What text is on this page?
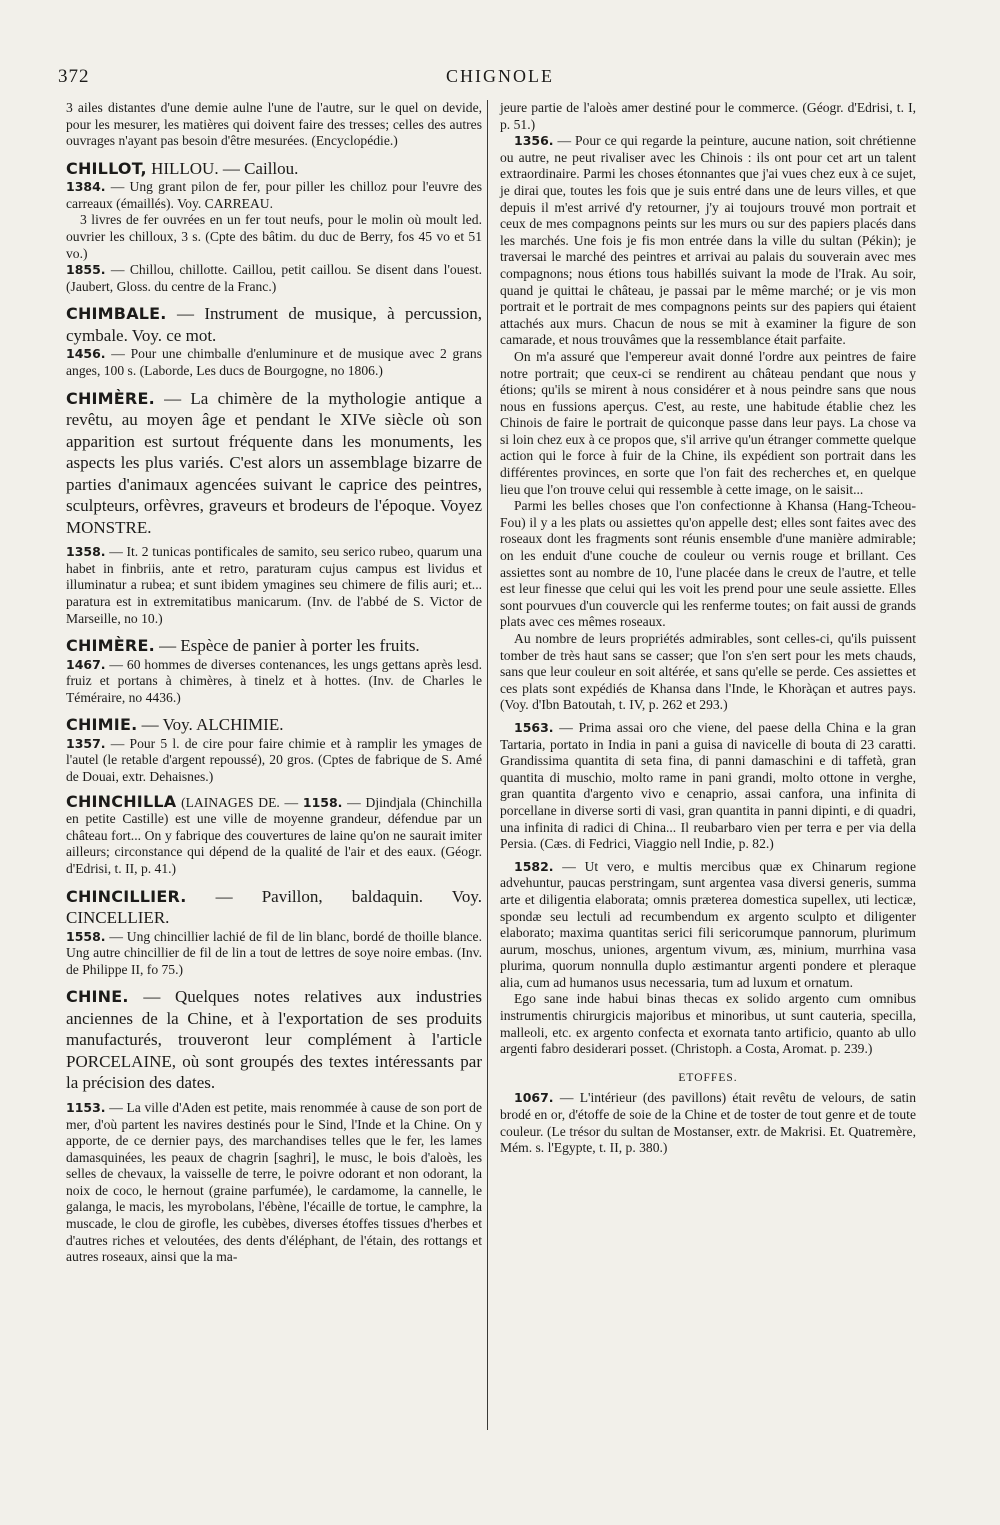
372	CHIGNOLE

3 ailes distantes d'une demie aulne l'une de l'autre, sur le quel on devide, pour les mesurer, les matières qui doivent faire des tresses; celles des autres ouvrages n'ayant pas besoin d'être mesurées. (Encyclopédie.)

CHILLOT, HILLOU. — Caillou.

1384. — Ung grant pilon de fer, pour piller les chilloz pour l'euvre des carreaux (émaillés). Voy. CARREAU.

3 livres de fer ouvrées en un fer tout neufs, pour le molin où moult led. ouvrier les chilloux, 3 s. (Cpte des bâtim. du duc de Berry, fos 45 vo et 51 vo.)

1855. — Chillou, chillotte. Caillou, petit caillou. Se disent dans l'ouest. (Jaubert, Gloss. du centre de la Franc.)

CHIMBALE. — Instrument de musique, à percussion, cymbale. Voy. ce mot.

1456. — Pour une chimballe d'enluminure et de musique avec 2 grans anges, 100 s. (Laborde, Les ducs de Bourgogne, no 1806.)

CHIMÈRE. — La chimère de la mythologie antique a revêtu, au moyen âge et pendant le XIVe siècle où son apparition est surtout fréquente dans les monuments, les aspects les plus variés. C'est alors un assemblage bizarre de parties d'animaux agencées suivant le caprice des peintres, sculpteurs, orfèvres, graveurs et brodeurs de l'époque. Voyez MONSTRE.

1358. — It. 2 tunicas pontificales de samito, seu serico rubeo, quarum una habet in finbriis, ante et retro, paraturam cujus campus est lividus et illuminatur a rubea; et sunt ibidem ymagines seu chimere de filis auri; et... paratura est in extremitatibus manicarum. (Inv. de l'abbé de S. Victor de Marseille, no 10.)

CHIMÈRE. — Espèce de panier à porter les fruits.

1467. — 60 hommes de diverses contenances, les ungs gettans après lesd. fruiz et portans à chimères, à tinelz et à hottes. (Inv. de Charles le Téméraire, no 4436.)

CHIMIE. — Voy. ALCHIMIE.

1357. — Pour 5 l. de cire pour faire chimie et à ramplir les ymages de l'autel (le retable d'argent repoussé), 20 gros. (Cptes de fabrique de S. Amé de Douai, extr. Dehaisnes.)

CHINCHILLA (LAINAGES DE. — 1158. — Djindjala (Chinchilla en petite Castille) est une ville de moyenne grandeur, défendue par un château fort... On y fabrique des couvertures de laine qu'on ne saurait imiter ailleurs; circonstance qui dépend de la qualité de l'air et des eaux. (Géogr. d'Edrisi, t. II, p. 41.)

CHINCILLIER. — Pavillon, baldaquin. Voy. CINCELLIER.

1558. — Ung chincillier lachié de fil de lin blanc, bordé de thoille blance. Ung autre chincillier de fil de lin a tout de lettres de soye noire embas. (Inv. de Philippe II, fo 75.)

CHINE. — Quelques notes relatives aux industries anciennes de la Chine, et à l'exportation de ses produits manufacturés, trouveront leur complément à l'article PORCELAINE, où sont groupés des textes intéressants par la précision des dates.

1153. — La ville d'Aden est petite, mais renommée à cause de son port de mer, d'où partent les navires destinés pour le Sind, l'Inde et la Chine. On y apporte, de ce dernier pays, des marchandises telles que le fer, les lames damasquinées, les peaux de chagrin [saghri], le musc, le bois d'aloès, les selles de chevaux, la vaisselle de terre, le poivre odorant et non odorant, la noix de coco, le hernout (graine parfumée), le cardamome, la cannelle, le galanga, le macis, les myrobolans, l'ébène, l'écaille de tortue, le camphre, la muscade, le clou de girofle, les cubèbes, diverses étoffes tissues d'herbes et d'autres riches et veloutées, des dents d'éléphant, de l'étain, des rottangs et autres roseaux, ainsi que la ma-

jeure partie de l'aloès amer destiné pour le commerce. (Géogr. d'Edrisi, t. I, p. 51.)

1356. — Pour ce qui regarde la peinture, aucune nation, soit chrétienne ou autre, ne peut rivaliser avec les Chinois : ils ont pour cet art un talent extraordinaire. Parmi les choses étonnantes que j'ai vues chez eux à ce sujet, je dirai que, toutes les fois que je suis entré dans une de leurs villes, et que depuis il m'est arrivé d'y retourner, j'y ai toujours trouvé mon portrait et ceux de mes compagnons peints sur les murs ou sur des papiers placés dans les marchés. Une fois je fis mon entrée dans la ville du sultan (Pékin); je traversai le marché des peintres et arrivai au palais du souverain avec mes compagnons; nous étions tous habillés suivant la mode de l'Irak. Au soir, quand je quittai le château, je passai par le même marché; or je vis mon portrait et le portrait de mes compagnons peints sur des papiers qui étaient attachés aux murs. Chacun de nous se mit à examiner la figure de son camarade, et nous trouvâmes que la ressemblance était parfaite.

On m'a assuré que l'empereur avait donné l'ordre aux peintres de faire notre portrait; que ceux-ci se rendirent au château pendant que nous y étions; qu'ils se mirent à nous considérer et à nous peindre sans que nous nous en fussions aperçus. C'est, au reste, une habitude établie chez les Chinois de faire le portrait de quiconque passe dans leur pays. La chose va si loin chez eux à ce propos que, s'il arrive qu'un étranger commette quelque action qui le force à fuir de la Chine, ils expédient son portrait dans les différentes provinces, en sorte que l'on fait des recherches et, en quelque lieu que l'on trouve celui qui ressemble à cette image, on le saisit...

Parmi les belles choses que l'on confectionne à Khansa (Hang-Tcheou-Fou) il y a les plats ou assiettes qu'on appelle dest; elles sont faites avec des roseaux dont les fragments sont réunis ensemble d'une manière admirable; on les enduit d'une couche de couleur ou vernis rouge et brillant. Ces assiettes sont au nombre de 10, l'une placée dans le creux de l'autre, et telle est leur finesse que celui qui les voit les prend pour une seule assiette. Elles sont pourvues d'un couvercle qui les renferme toutes; on fait aussi de grands plats avec ces mêmes roseaux.

Au nombre de leurs propriétés admirables, sont celles-ci, qu'ils puissent tomber de très haut sans se casser; que l'on s'en sert pour les mets chauds, sans que leur couleur en soit altérée, et sans qu'elle se perde. Ces assiettes et ces plats sont expédiés de Khansa dans l'Inde, le Khoràçan et autres pays. (Voy. d'Ibn Batoutah, t. IV, p. 262 et 293.)

1563. — Prima assai oro che viene, del paese della China e la gran Tartaria, portato in India in pani a guisa di navicelle di bouta di 23 caratti. Grandissima quantita di seta fina, di panni damaschini e di taffetà, gran quantita di muschio, molto rame in pani grandi, molto ottone in verghe, gran quantita d'argento vivo e cenaprio, assai canfora, una infinita di porcellane in diverse sorti di vasi, gran quantita in panni dipinti, e di quadri, una infinita di radici di China... Il reubarbaro vien per terra e per via della Persia. (Cæs. di Fedrici, Viaggio nell Indie, p. 82.)

1582. — Ut vero, e multis mercibus quæ ex Chinarum regione advehuntur, paucas perstringam, sunt argentea vasa diversi generis, summa arte et diligentia elaborata; omnis præterea domestica supellex, uti lecticæ, spondæ seu lectuli ad recumbendum ex argento sculpto et diligenter elaborato; maxima quantitas serici fili sericorumque pannorum, plurimum aurum, moschus, uniones, argentum vivum, æs, minium, murrhina vasa plurima, quorum nonnulla duplo æstimantur argenti pondere et pleraque alia, cum ad humanos usus necessaria, tum ad luxum et ornatum.

Ego sane inde habui binas thecas ex solido argento cum omnibus instrumentis chirurgicis majoribus et minoribus, ut sunt cauteria, specilla, malleoli, etc. ex argento confecta et exornata tanto artificio, quanto ab ullo argenti fabro desiderari posset. (Christoph. a Costa, Aromat. p. 239.)

ETOFFES.

1067. — L'intérieur (des pavillons) était revêtu de velours, de satin brodé en or, d'étoffe de soie de la Chine et de toster de tout genre et de toute couleur. (Le trésor du sultan de Mostanser, extr. de Makrisi. Et. Quatremère, Mém. s. l'Egypte, t. II, p. 380.)
